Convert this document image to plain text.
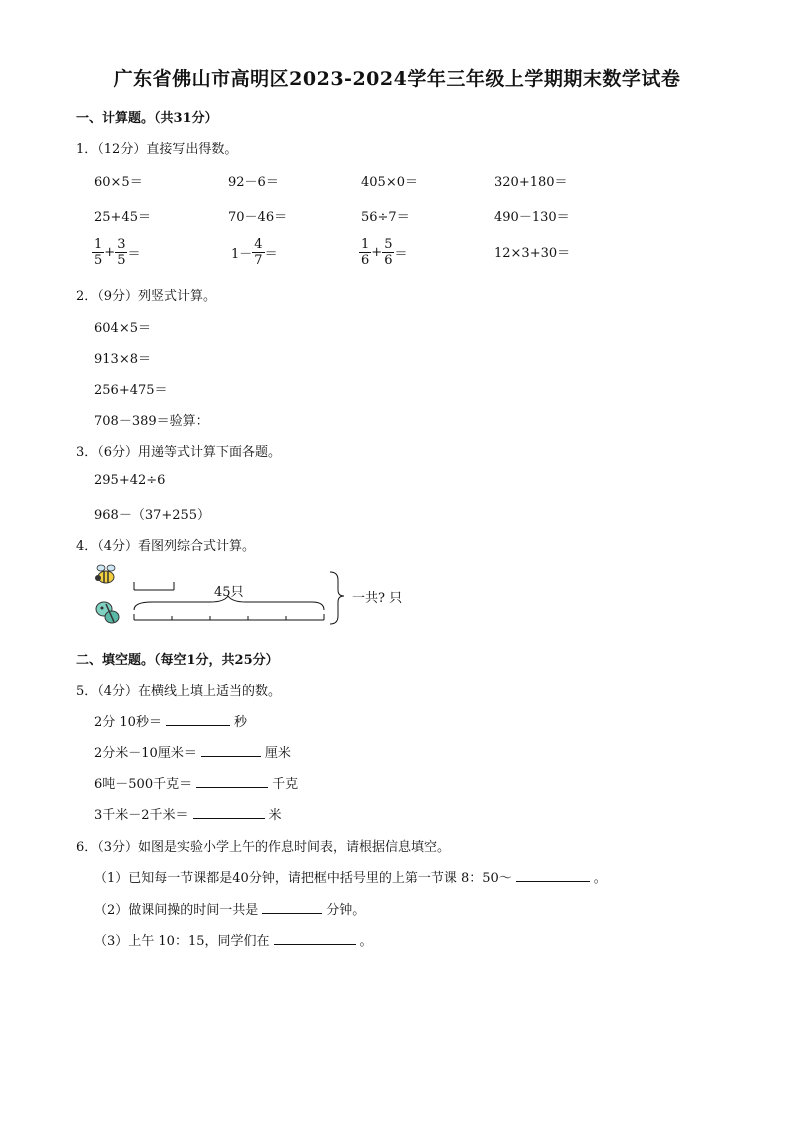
广东省佛山市高明区2023-2024学年三年级上学期期末数学试卷
一、计算题。（共31分）
1．（12分）直接写出得数。
60×5＝	92－6＝	405×0＝	320+180＝
25+45＝	70－46＝	56÷7＝	490－130＝
$\frac{1}{5} + \frac{3}{5}$ ＝	$1- \frac{4}{7}$ ＝	$\frac{1}{6} + \frac{5}{6}$ ＝	12×3+30＝
2．（9分）列竖式计算。
604×5＝
913×8＝
256+475＝
708－389＝验算：
3．（6分）用递等式计算下面各题。
295+42÷6
968－（37+255）
4．（4分）看图列综合式计算。
45只	一共? 只
二、填空题。（每空1分，共25分）
5．（4分）在横线上填上适当的数。
2分 10秒＝	秒
2分米－10厘米＝	厘米
6吨－500千克＝	千克
3千米－2千米＝	米
6．（3分）如图是实验小学上午的作息时间表，请根据信息填空。
（1）已知每一节课都是40分钟，请把框中括号里的上第一节课 8：50～	。
（2）做课间操的时间一共是	分钟。
（3）上午 10：15，同学们在	。
